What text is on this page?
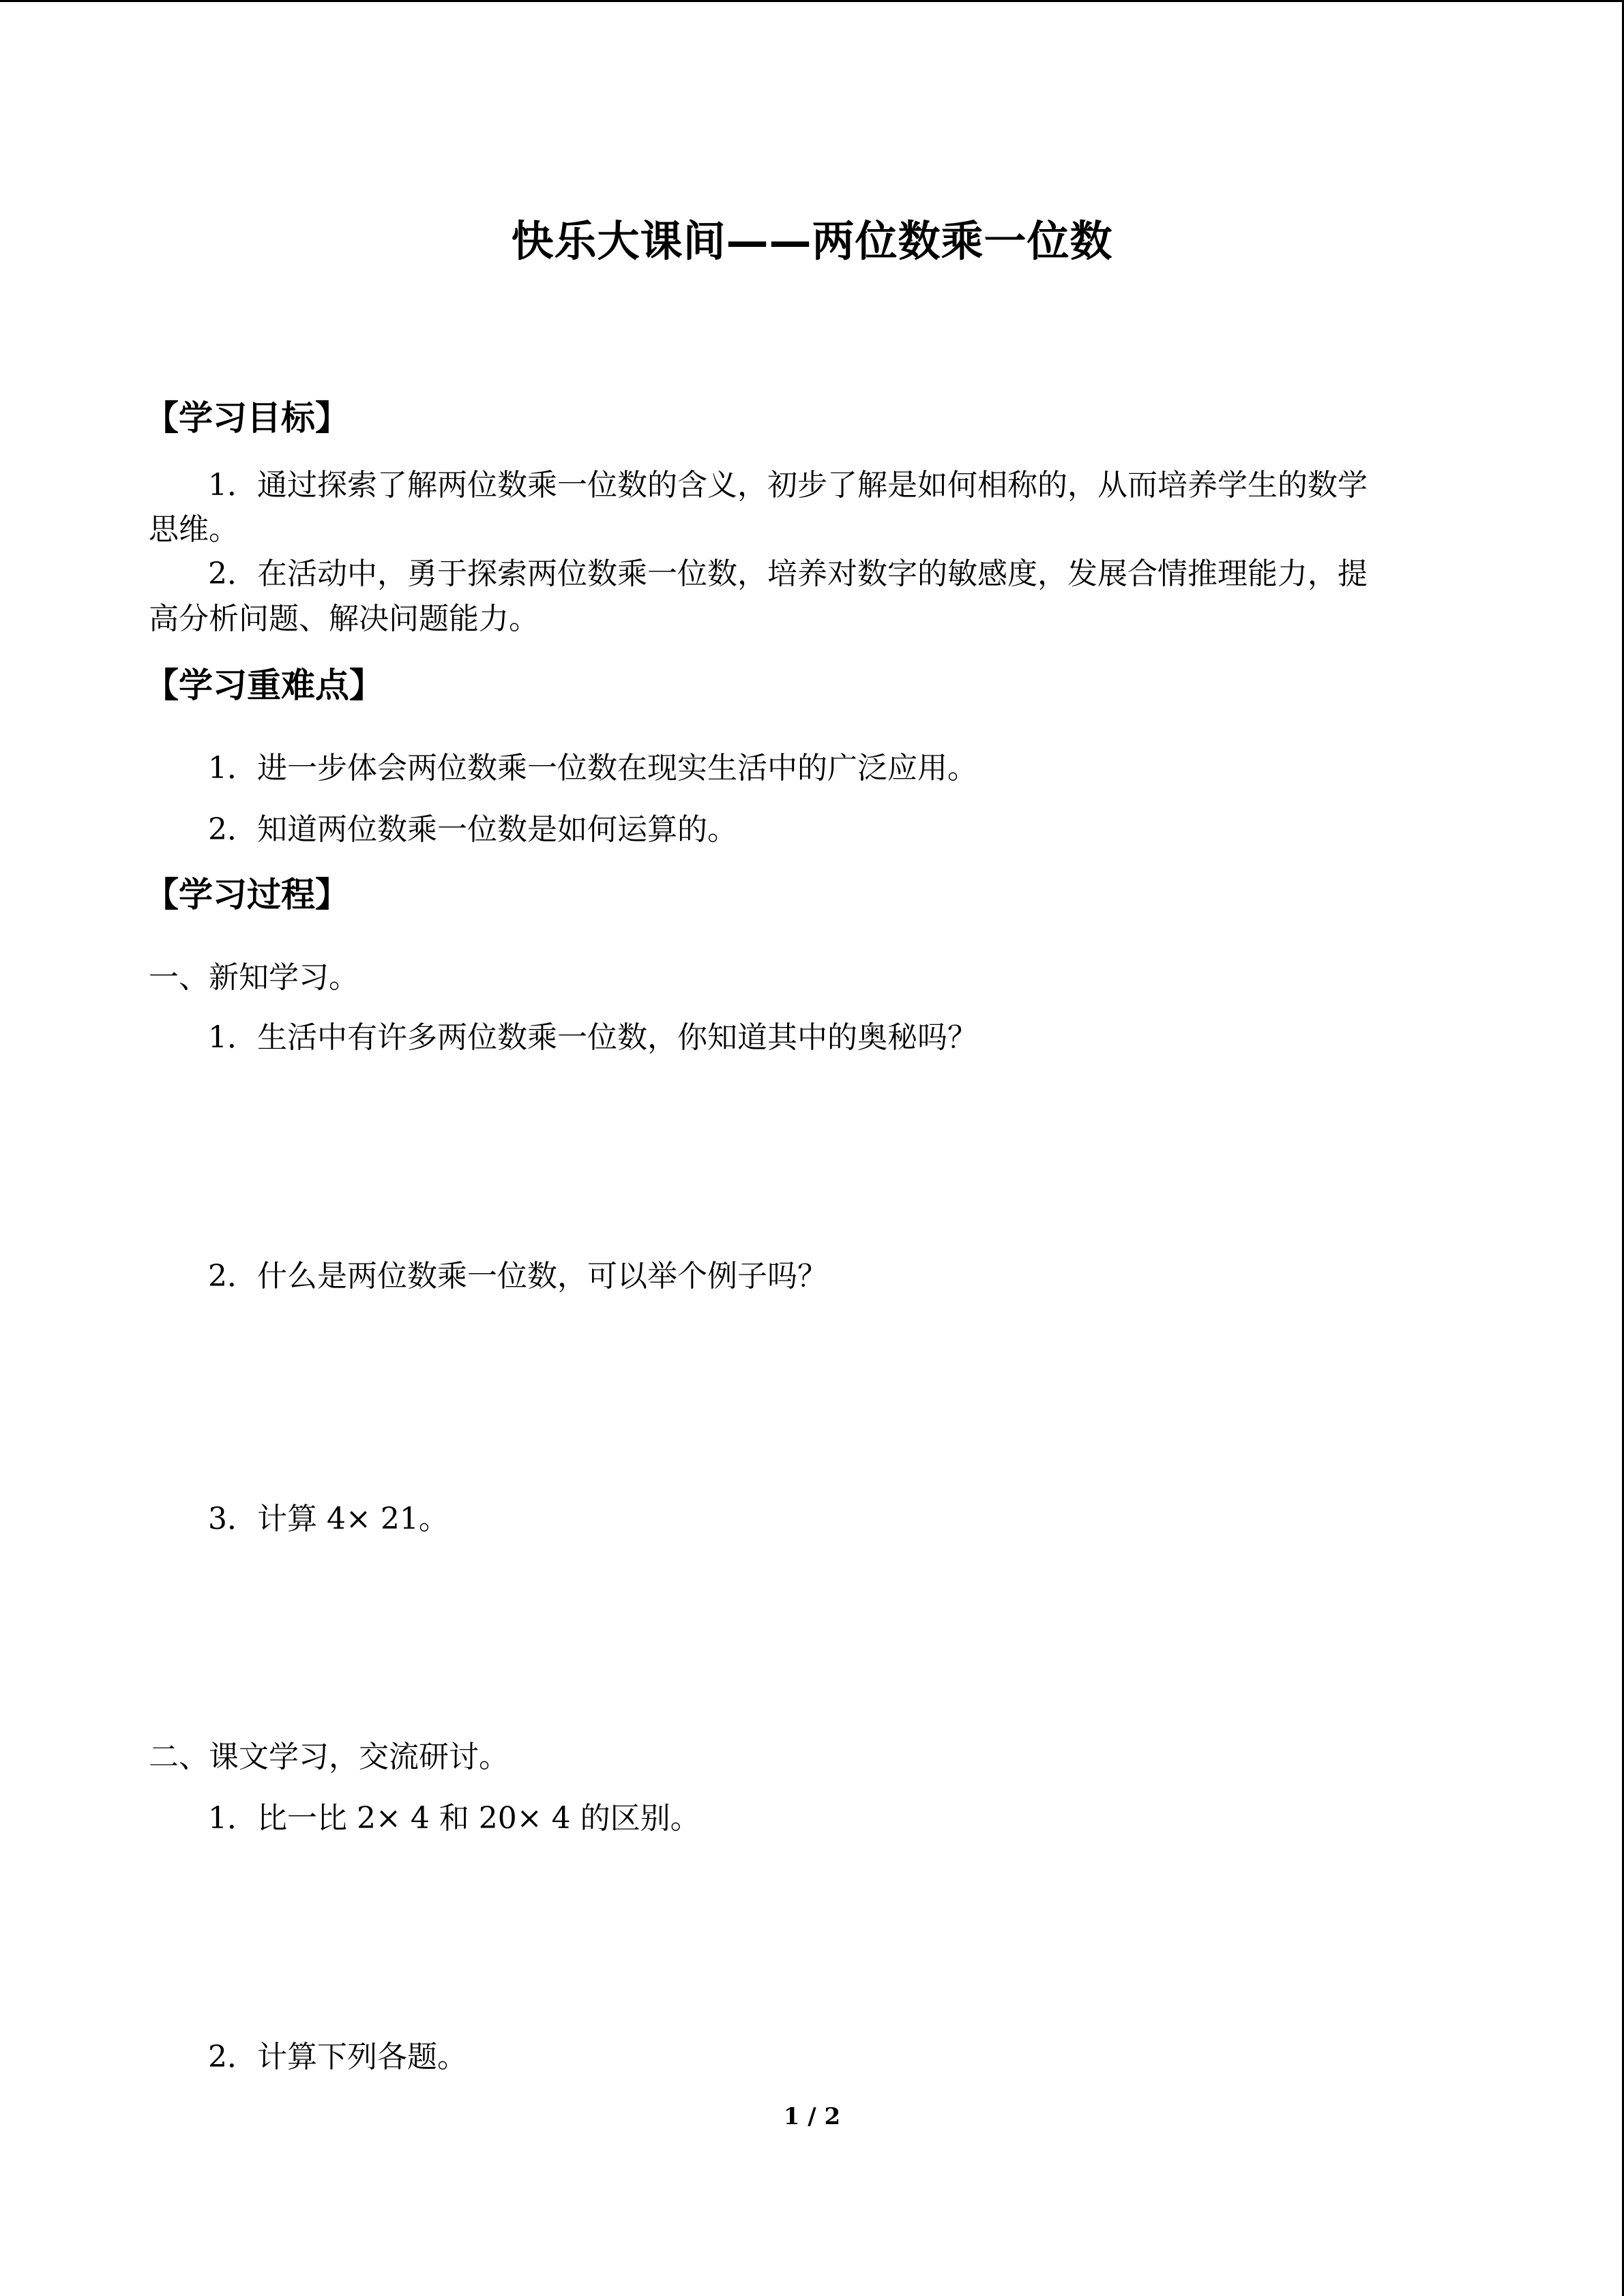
快乐大课间——两位数乘一位数
【学习目标】
1．通过探索了解两位数乘一位数的含义，初步了解是如何相称的，从而培养学生的数学
思维。
2．在活动中，勇于探索两位数乘一位数，培养对数字的敏感度，发展合情推理能力，提
高分析问题、解决问题能力。
【学习重难点】
1．进一步体会两位数乘一位数在现实生活中的广泛应用。
2．知道两位数乘一位数是如何运算的。
【学习过程】
一、新知学习。
1．生活中有许多两位数乘一位数，你知道其中的奥秘吗？
2．什么是两位数乘一位数，可以举个例子吗？
3．计算 4× 21。
二、课文学习，交流研讨。
1．比一比 2× 4 和 20× 4 的区别。
2．计算下列各题。
1 / 2
